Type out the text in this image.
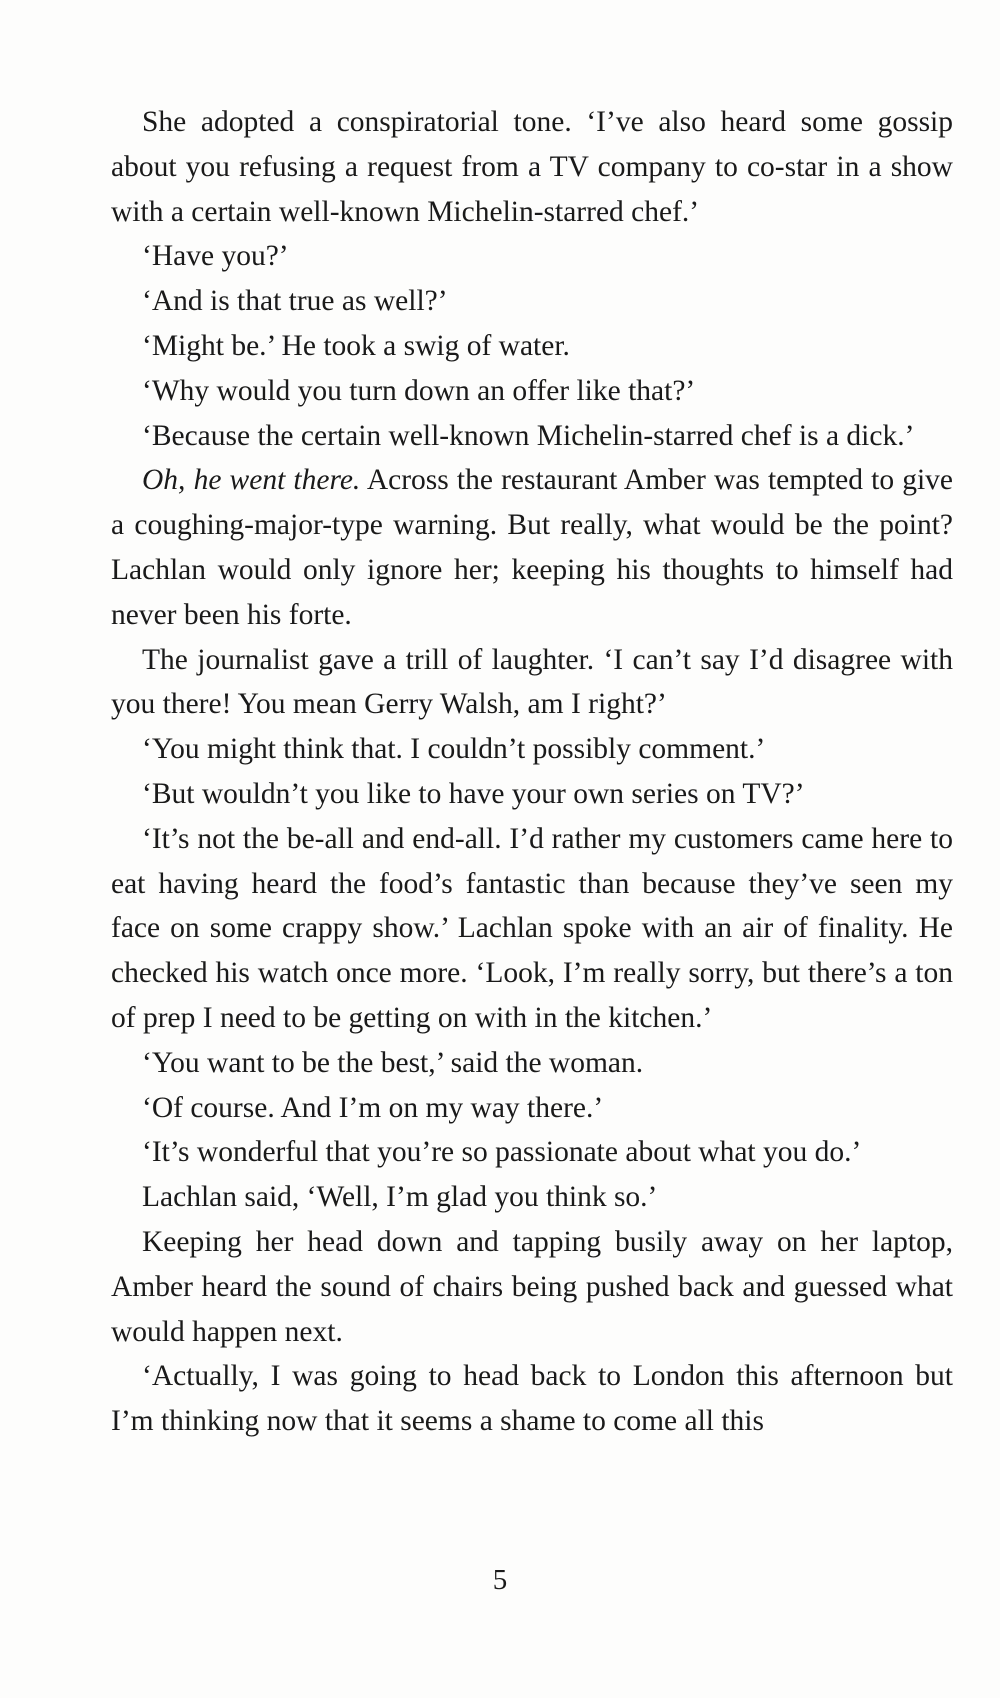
She adopted a conspiratorial tone. ‘I’ve also heard some gossip about you refusing a request from a TV company to co-star in a show with a certain well-known Michelin-starred chef.’

‘Have you?’

‘And is that true as well?’

‘Might be.’ He took a swig of water.

‘Why would you turn down an offer like that?’

‘Because the certain well-known Michelin-starred chef is a dick.’

Oh, he went there. Across the restaurant Amber was tempted to give a coughing-major-type warning. But really, what would be the point? Lachlan would only ignore her; keeping his thoughts to himself had never been his forte.

The journalist gave a trill of laughter. ‘I can’t say I’d disagree with you there! You mean Gerry Walsh, am I right?’

‘You might think that. I couldn’t possibly comment.’

‘But wouldn’t you like to have your own series on TV?’

‘It’s not the be-all and end-all. I’d rather my customers came here to eat having heard the food’s fantastic than because they’ve seen my face on some crappy show.’ Lachlan spoke with an air of finality. He checked his watch once more. ‘Look, I’m really sorry, but there’s a ton of prep I need to be getting on with in the kitchen.’

‘You want to be the best,’ said the woman.

‘Of course. And I’m on my way there.’

‘It’s wonderful that you’re so passionate about what you do.’

Lachlan said, ‘Well, I’m glad you think so.’

Keeping her head down and tapping busily away on her laptop, Amber heard the sound of chairs being pushed back and guessed what would happen next.

‘Actually, I was going to head back to London this afternoon but I’m thinking now that it seems a shame to come all this

5
